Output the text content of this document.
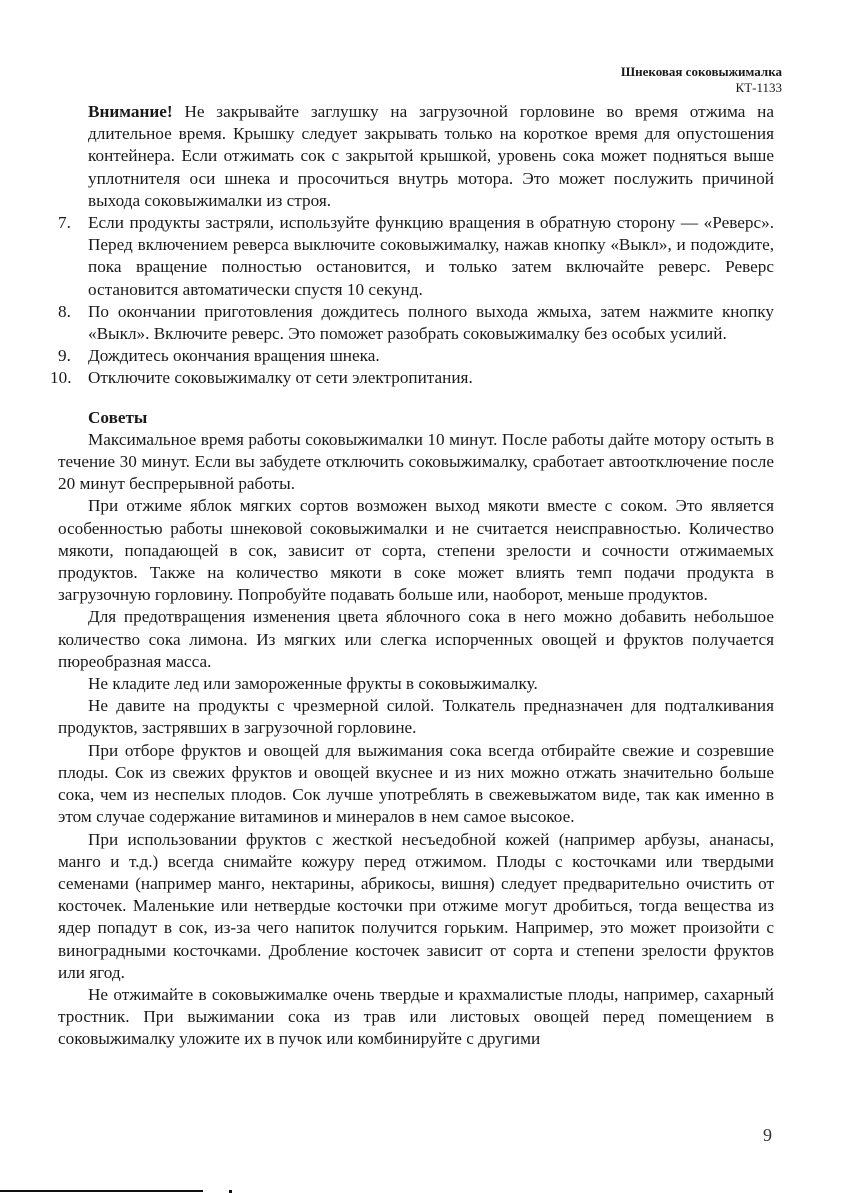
Шнековая соковыжималка
КТ-1133

Внимание! Не закрывайте заглушку на загрузочной горловине во время отжима на длительное время. Крышку следует закрывать только на короткое время для опустошения контейнера. Если отжимать сок с закрытой крышкой, уровень сока может подняться выше уплотнителя оси шнека и просочиться внутрь мотора. Это может послужить причиной выхода соковыжималки из строя.

7. Если продукты застряли, используйте функцию вращения в обратную сторону — «Реверс». Перед включением реверса выключите соковыжималку, нажав кнопку «Выкл», и подождите, пока вращение полностью остановится, и только затем включайте реверс. Реверс остановится автоматически спустя 10 секунд.
8. По окончании приготовления дождитесь полного выхода жмыха, затем нажмите кнопку «Выкл». Включите реверс. Это поможет разобрать соковыжималку без особых усилий.
9. Дождитесь окончания вращения шнека.
10. Отключите соковыжималку от сети электропитания.

Советы

Максимальное время работы соковыжималки 10 минут. После работы дайте мотору остыть в течение 30 минут. Если вы забудете отключить соковыжималку, сработает автоотключение после 20 минут беспрерывной работы.

При отжиме яблок мягких сортов возможен выход мякоти вместе с соком. Это является особенностью работы шнековой соковыжималки и не считается неисправностью. Количество мякоти, попадающей в сок, зависит от сорта, степени зрелости и сочности отжимаемых продуктов. Также на количество мякоти в соке может влиять темп подачи продукта в загрузочную горловину. Попробуйте подавать больше или, наоборот, меньше продуктов.

Для предотвращения изменения цвета яблочного сока в него можно добавить небольшое количество сока лимона. Из мягких или слегка испорченных овощей и фруктов получается пюреобразная масса.

Не кладите лед или замороженные фрукты в соковыжималку.

Не давите на продукты с чрезмерной силой. Толкатель предназначен для подталкивания продуктов, застрявших в загрузочной горловине.

При отборе фруктов и овощей для выжимания сока всегда отбирайте свежие и созревшие плоды. Сок из свежих фруктов и овощей вкуснее и из них можно отжать значительно больше сока, чем из неспелых плодов. Сок лучше употреблять в свежевыжатом виде, так как именно в этом случае содержание витаминов и минералов в нем самое высокое.

При использовании фруктов с жесткой несъедобной кожей (например арбузы, ананасы, манго и т.д.) всегда снимайте кожуру перед отжимом. Плоды с косточками или твердыми семенами (например манго, нектарины, абрикосы, вишня) следует предварительно очистить от косточек. Маленькие или нетвердые косточки при отжиме могут дробиться, тогда вещества из ядер попадут в сок, из-за чего напиток получится горьким. Например, это может произойти с виноградными косточками. Дробление косточек зависит от сорта и степени зрелости фруктов или ягод.

Не отжимайте в соковыжималке очень твердые и крахмалистые плоды, например, сахарный тростник. При выжимании сока из трав или листовых овощей перед помещением в соковыжималку уложите их в пучок или комбинируйте с другими

9
